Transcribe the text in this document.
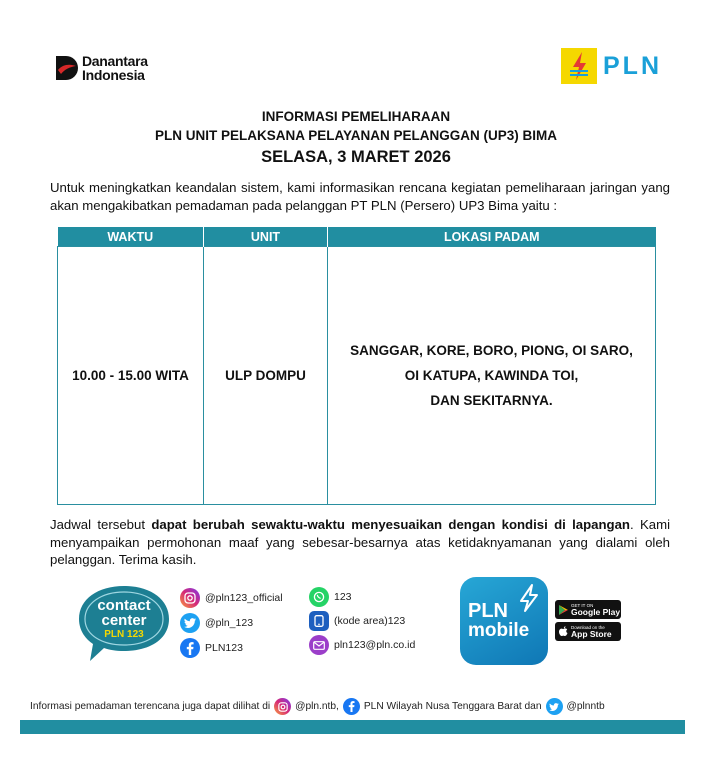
Danantara
Indonesia	PLN
INFORMASI PEMELIHARAAN
PLN UNIT PELAKSANA PELAYANAN PELANGGAN (UP3) BIMA
SELASA, 3 MARET 2026
Untuk meningkatkan keandalan sistem, kami informasikan rencana kegiatan pemeliharaan jaringan yang akan mengakibatkan pemadaman pada pelanggan PT PLN (Persero) UP3 Bima yaitu :
WAKTU	UNIT	LOKASI PADAM
10.00 - 15.00 WITA	ULP DOMPU	SANGGAR, KORE, BORO, PIONG, OI SARO,
OI KATUPA, KAWINDA TOI,
DAN SEKITARNYA.
Jadwal tersebut dapat berubah sewaktu-waktu menyesuaikan dengan kondisi di lapangan. Kami menyampaikan permohonan maaf yang sebesar-besarnya atas ketidaknyamanan yang dialami oleh pelanggan. Terima kasih.
contact
center
PLN 123
@pln123_official
@pln_123
PLN123
123
(kode area)123
pln123@pln.co.id
PLN
mobile
GET IT ON
Google Play
Download on the
App Store
Informasi pemadaman terencana juga dapat dilihat di @pln.ntb, PLN Wilayah Nusa Tenggara Barat dan @plnntb
